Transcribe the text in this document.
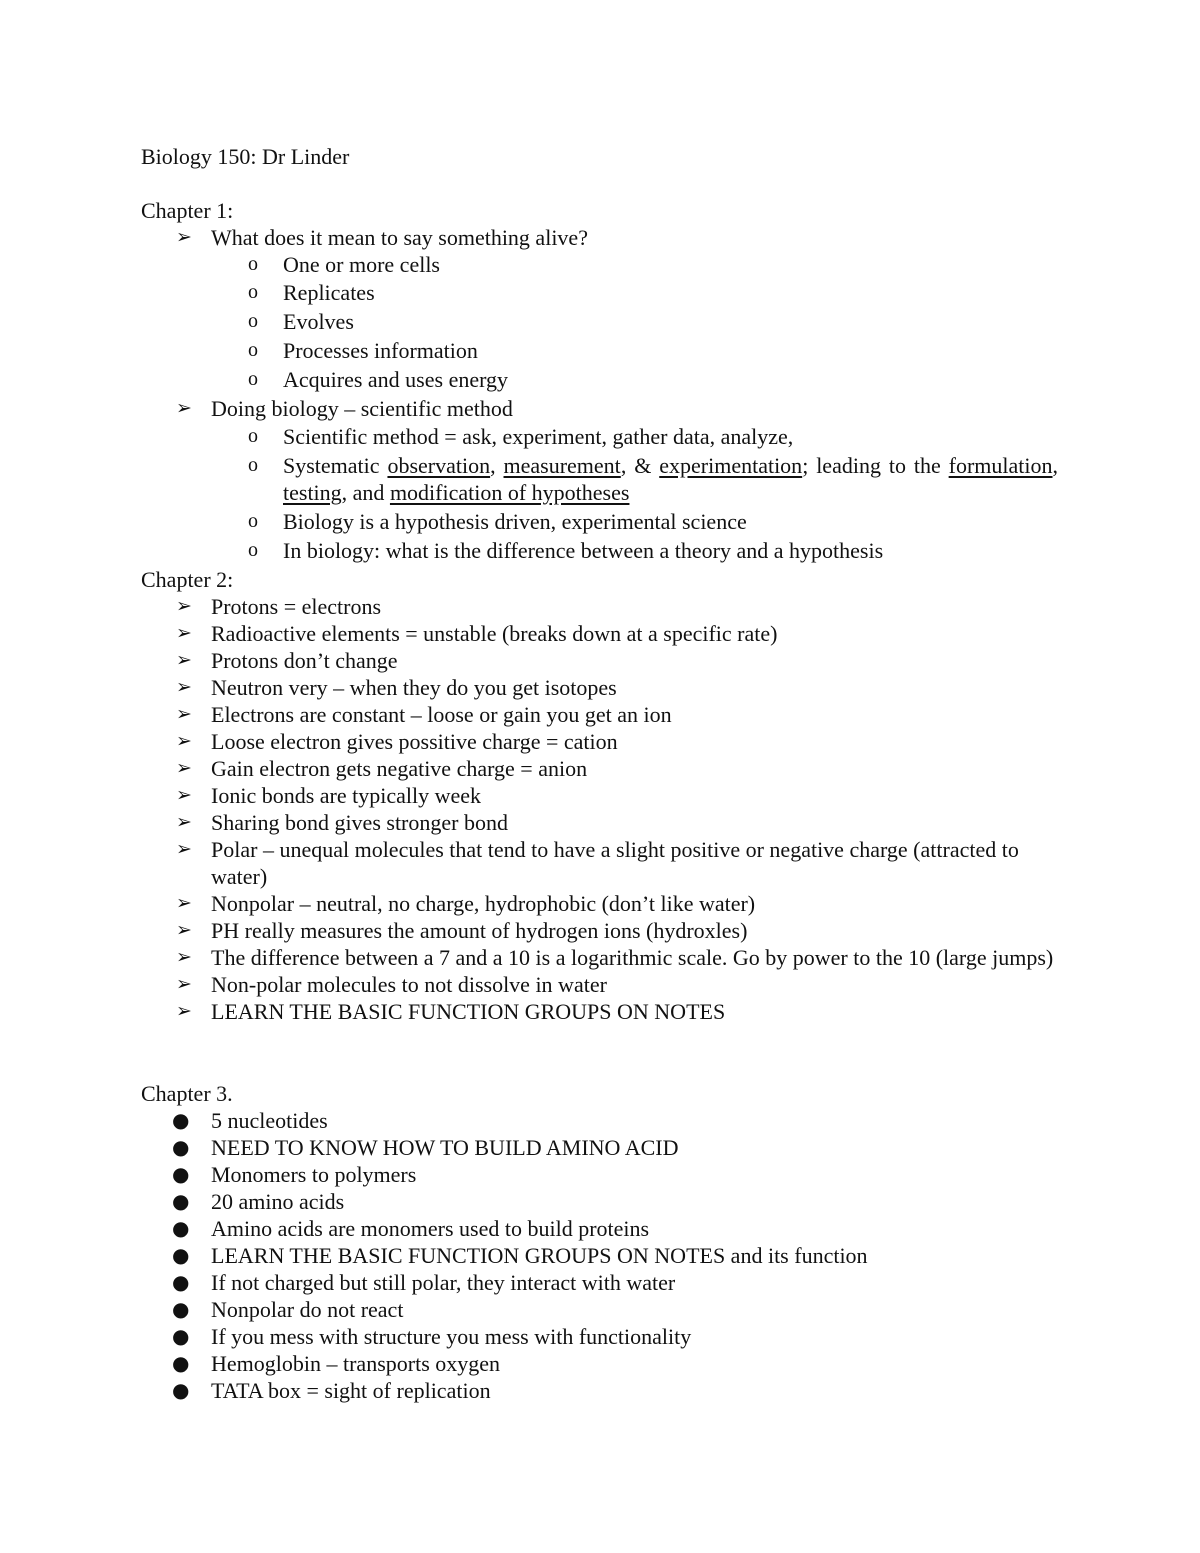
Biology 150: Dr Linder
Chapter 1:
➢ What does it mean to say something alive?
o One or more cells
o Replicates
o Evolves
o Processes information
o Acquires and uses energy
➢ Doing biology – scientific method
o Scientific method = ask, experiment, gather data, analyze,
o Systematic observation, measurement, & experimentation; leading to the formulation, testing, and modification of hypotheses
o Biology is a hypothesis driven, experimental science
o In biology: what is the difference between a theory and a hypothesis
Chapter 2:
➢ Protons = electrons
➢ Radioactive elements = unstable (breaks down at a specific rate)
➢ Protons don’t change
➢ Neutron very – when they do you get isotopes
➢ Electrons are constant – loose or gain you get an ion
➢ Loose electron gives possitive charge = cation
➢ Gain electron gets negative charge = anion
➢ Ionic bonds are typically week
➢ Sharing bond gives stronger bond
➢ Polar – unequal molecules that tend to have a slight positive or negative charge (attracted to water)
➢ Nonpolar – neutral, no charge, hydrophobic (don’t like water)
➢ PH really measures the amount of hydrogen ions (hydroxles)
➢ The difference between a 7 and a 10 is a logarithmic scale. Go by power to the 10 (large jumps)
➢ Non-polar molecules to not dissolve in water
➢ LEARN THE BASIC FUNCTION GROUPS ON NOTES
Chapter 3.
● 5 nucleotides
● NEED TO KNOW HOW TO BUILD AMINO ACID
● Monomers to polymers
● 20 amino acids
● Amino acids are monomers used to build proteins
● LEARN THE BASIC FUNCTION GROUPS ON NOTES and its function
● If not charged but still polar, they interact with water
● Nonpolar do not react
● If you mess with structure you mess with functionality
● Hemoglobin – transports oxygen
● TATA box = sight of replication
